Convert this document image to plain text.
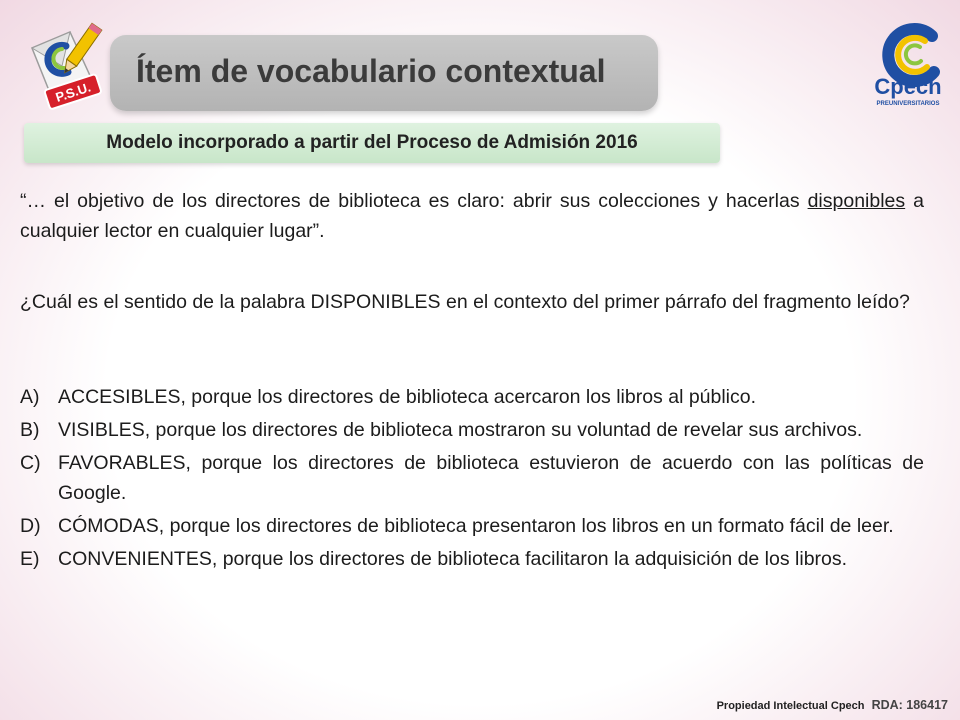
P.S.U.
Ítem de vocabulario contextual	Cpech
PREUNIVERSITARIOS
Modelo incorporado a partir del Proceso de Admisión 2016
“… el objetivo de los directores de biblioteca es claro: abrir sus colecciones y hacerlas disponibles a cualquier lector en cualquier lugar”.
¿Cuál es el sentido de la palabra DISPONIBLES en el contexto del primer párrafo del fragmento leído?
A) ACCESIBLES, porque los directores de biblioteca acercaron los libros al público.
B) VISIBLES, porque los directores de biblioteca mostraron su voluntad de revelar sus archivos.
C) FAVORABLES, porque los directores de biblioteca estuvieron de acuerdo con las políticas de Google.
D) CÓMODAS, porque los directores de biblioteca presentaron los libros en un formato fácil de leer.
E) CONVENIENTES, porque los directores de biblioteca facilitaron la adquisición de los libros.
Propiedad Intelectual Cpech RDA: 186417
